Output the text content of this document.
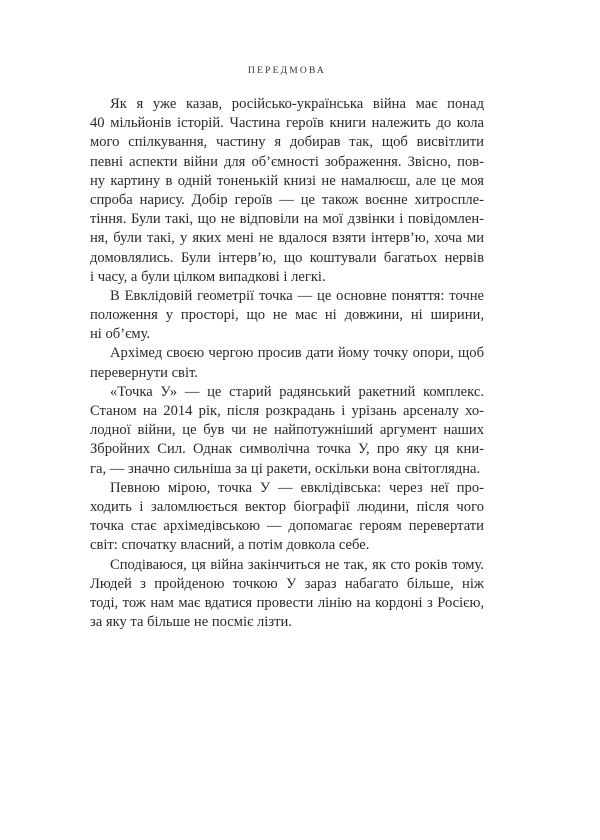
ПЕРЕДМОВА
Як я уже казав, російсько-українська війна має понад
40 мільйонів історій. Частина героїв книги належить до кола
мого спілкування, частину я добирав так, щоб висвітлити
певні аспекти війни для об’ємності зображення. Звісно, пов-
ну картину в одній тоненькій книзі не намалюєш, але це моя
спроба нарису. Добір героїв — це також воєнне хитросплe-
тіння. Були такі, що не відповіли на мої дзвінки і повідомлен-
ня, були такі, у яких мені не вдалося взяти інтерв’ю, хоча ми
домовлялись. Були інтерв’ю, що коштували багатьох нервів
і часу, а були цілком випадкові і легкі.
В Евклідовій геометрії точка — це основне поняття: точне
положення у просторі, що не має ні довжини, ні ширини,
ні об’єму.
Архімед своєю чергою просив дати йому точку опори, щоб
перевернути світ.
«Точка У» — це старий радянський ракетний комплекс.
Станом на 2014 рік, після розкрадань і урізань арсеналу хо-
лодної війни, це був чи не найпотужніший аргумент наших
Збройних Сил. Однак символічна точка У, про яку ця кни-
га, — значно сильніша за ці ракети, оскільки вона світоглядна.
Певною мірою, точка У — евклідівська: через неї про-
ходить і заломлюється вектор біографії людини, після чого
точка стає архімедівською — допомагає героям перевертати
світ: спочатку власний, а потім довкола себе.
Сподіваюся, ця війна закінчиться не так, як сто років тому.
Людей з пройденою точкою У зараз набагато більше, ніж
тоді, тож нам має вдатися провести лінію на кордоні з Росією,
за яку та більше не посміє лізти.
